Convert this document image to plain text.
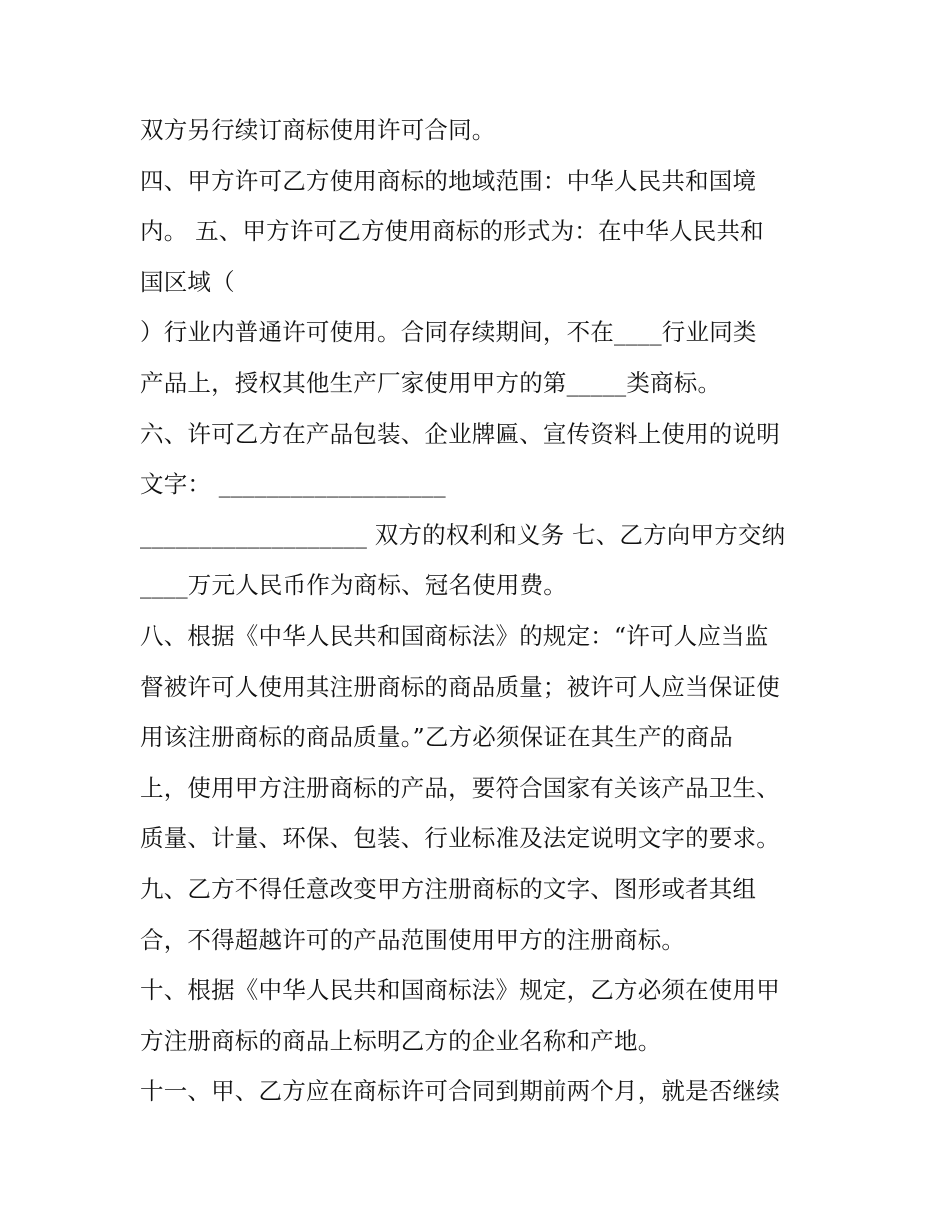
双方另行续订商标使用许可合同。
四、甲方许可乙方使用商标的地域范围：中华人民共和国境
内。 五、甲方许可乙方使用商标的形式为：在中华人民共和
国区域（
）行业内普通许可使用。合同存续期间，不在____行业同类
产品上，授权其他生产厂家使用甲方的第_____类商标。
六、许可乙方在产品包装、企业牌匾、宣传资料上使用的说明
文字： ___________________
___________________ 双方的权利和义务 七、乙方向甲方交纳
____万元人民币作为商标、冠名使用费。
八、根据《中华人民共和国商标法》的规定：“许可人应当监
督被许可人使用其注册商标的商品质量；被许可人应当保证使
用该注册商标的商品质量。”乙方必须保证在其生产的商品
上，使用甲方注册商标的产品，要符合国家有关该产品卫生、
质量、计量、环保、包装、行业标准及法定说明文字的要求。
九、乙方不得任意改变甲方注册商标的文字、图形或者其组
合，不得超越许可的产品范围使用甲方的注册商标。
十、根据《中华人民共和国商标法》规定，乙方必须在使用甲
方注册商标的商品上标明乙方的企业名称和产地。
十一、甲、乙方应在商标许可合同到期前两个月，就是否继续
